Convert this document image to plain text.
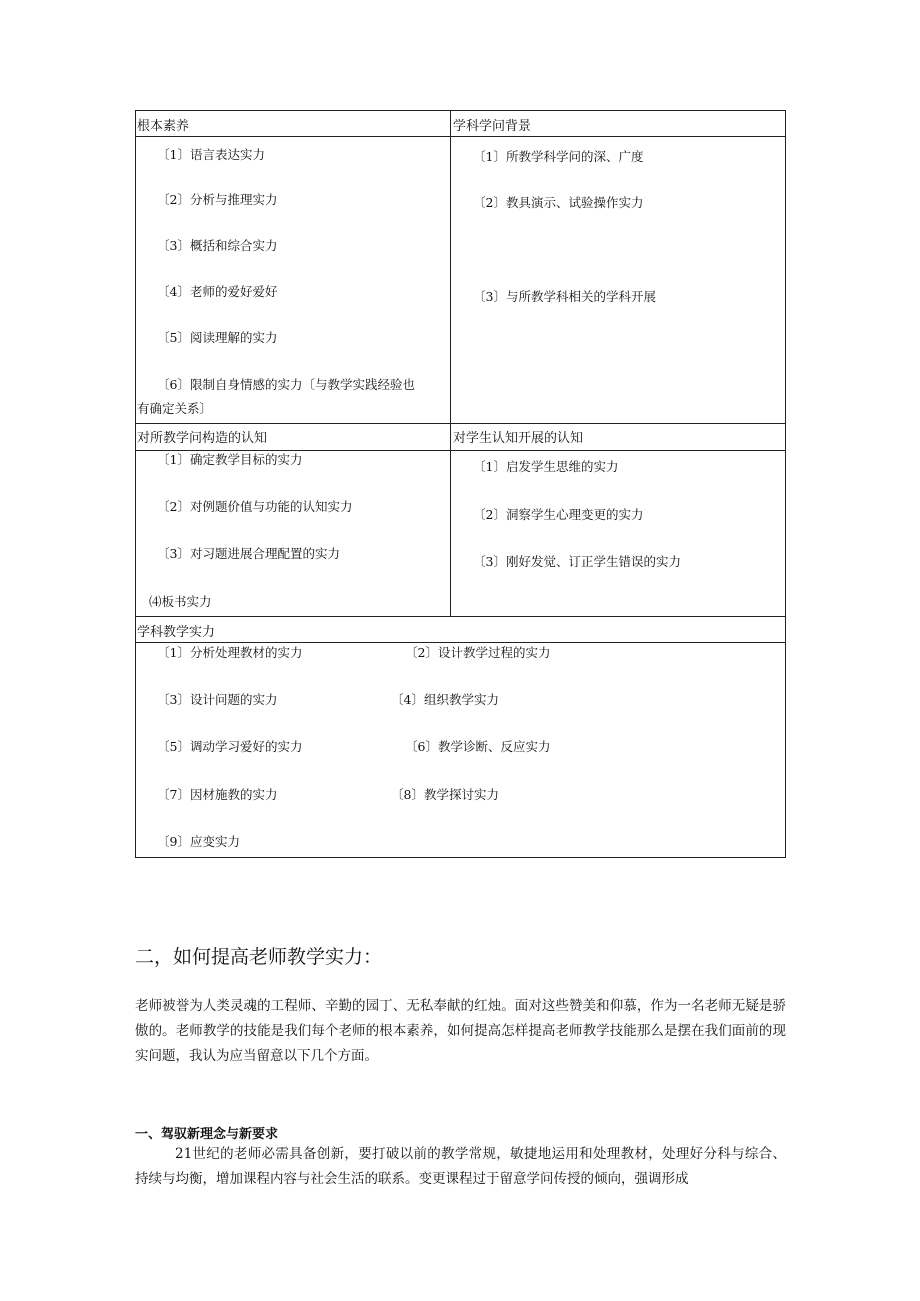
根本素养	学科学问背景
对所教学问构造的认知	对学生认知开展的认知
学科教学实力
〔1〕语言表达实力
〔2〕分析与推理实力
〔3〕概括和综合实力
〔4〕老师的爱好爱好
〔5〕阅读理解的实力
〔6〕限制自身情感的实力〔与教学实践经验也
有确定关系〕
〔1〕所教学科学问的深、广度
〔2〕教具演示、试验操作实力
〔3〕与所教学科相关的学科开展
〔1〕确定教学目标的实力
〔2〕对例题价值与功能的认知实力
〔3〕对习题进展合理配置的实力
⑷板书实力
〔1〕启发学生思维的实力
〔2〕洞察学生心理变更的实力
〔3〕刚好发觉、订正学生错误的实力
〔1〕分析处理教材的实力
〔3〕设计问题的实力
〔5〕调动学习爱好的实力
〔7〕因材施教的实力
〔9〕应变实力
〔2〕设计教学过程的实力
〔4〕组织教学实力
〔6〕教学诊断、反应实力
〔8〕教学探讨实力
二，如何提高老师教学实力：
老师被誉为人类灵魂的工程师、辛勤的园丁、无私奉献的红烛。面对这些赞美和仰慕，作为一名老师无疑是骄傲的。老师教学的技能是我们每个老师的根本素养，如何提高怎样提高老师教学技能那么是摆在我们面前的现实问题，我认为应当留意以下几个方面。
一、驾驭新理念与新要求
21世纪的老师必需具备创新，要打破以前的教学常规，敏捷地运用和处理教材，处理好分科与综合、持续与均衡，增加课程内容与社会生活的联系。变更课程过于留意学问传授的倾向，强调形成
